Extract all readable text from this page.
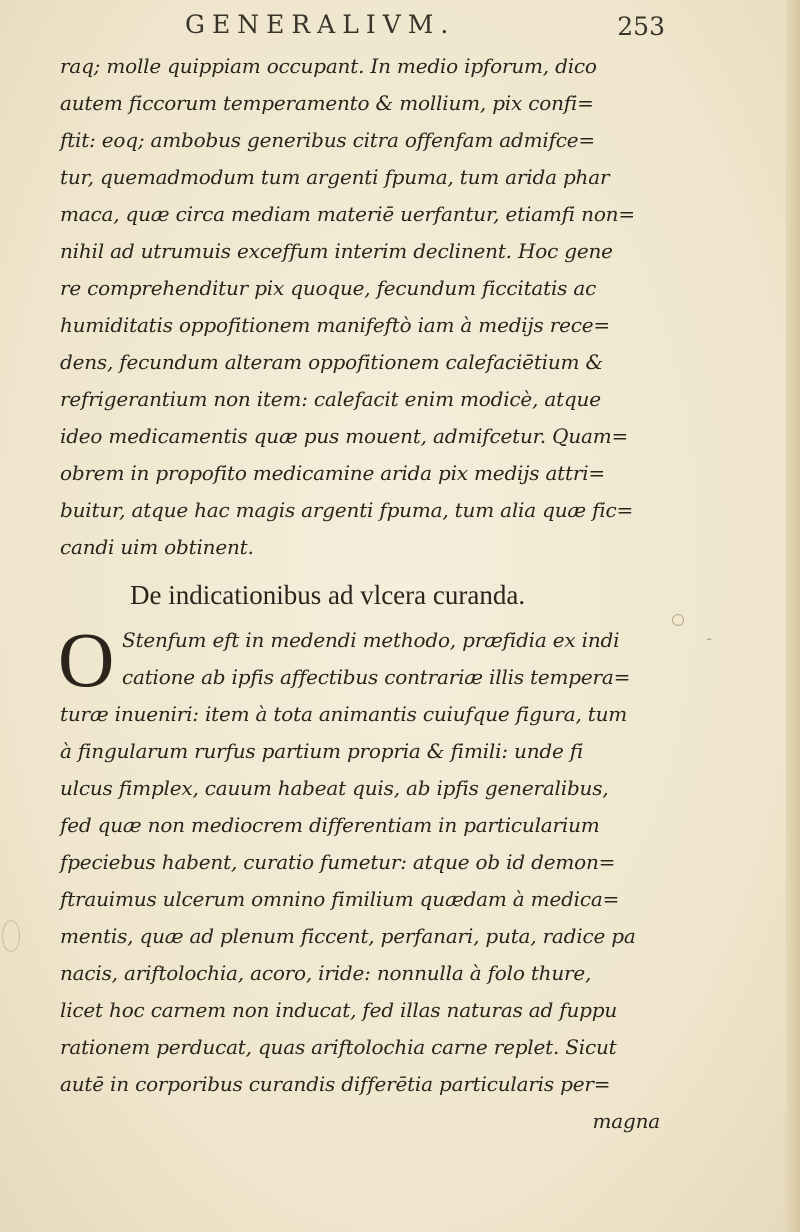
GENERALIVM.	253
raq; molle quippiam occupant. In medio ipforum, dico
autem ficcorum temperamento & mollium, pix confi=
ftit: eoq; ambobus generibus citra offenfam admifce=
tur, quemadmodum tum argenti fpuma, tum arida phar
maca, quæ circa mediam materiē uerfantur, etiamfi non=
nihil ad utrumuis exceffum interim declinent. Hoc gene
re comprehenditur pix quoque, fecundum ficcitatis ac
humiditatis oppofitionem manifeftò iam à medijs rece=
dens, fecundum alteram oppofitionem calefaciētium &
refrigerantium non item: calefacit enim modicè, atque
ideo medicamentis quæ pus mouent, admifcetur. Quam=
obrem in propofito medicamine arida pix medijs attri=
buitur, atque hac magis argenti fpuma, tum alia quæ fic=
candi uim obtinent.
De indicationibus ad vlcera curanda.
O Stenfum eft in medendi methodo, præfidia ex indi
catione ab ipfis affectibus contrariæ illis tempera=
turæ inueniri: item à tota animantis cuiufque figura, tum
à fingularum rurfus partium propria & fimili: unde fi
ulcus fimplex, cauum habeat quis, ab ipfis generalibus,
fed quæ non mediocrem differentiam in particularium
fpeciebus habent, curatio fumetur: atque ob id demon=
ftrauimus ulcerum omnino fimilium quædam à medica=
mentis, quæ ad plenum ficcent, perfanari, puta, radice pa
nacis, ariftolochia, acoro, iride: nonnulla à folo thure,
licet hoc carnem non inducat, fed illas naturas ad fuppu
rationem perducat, quas ariftolochia carne replet. Sicut
autē in corporibus curandis differētia particularis per=
magna
-
